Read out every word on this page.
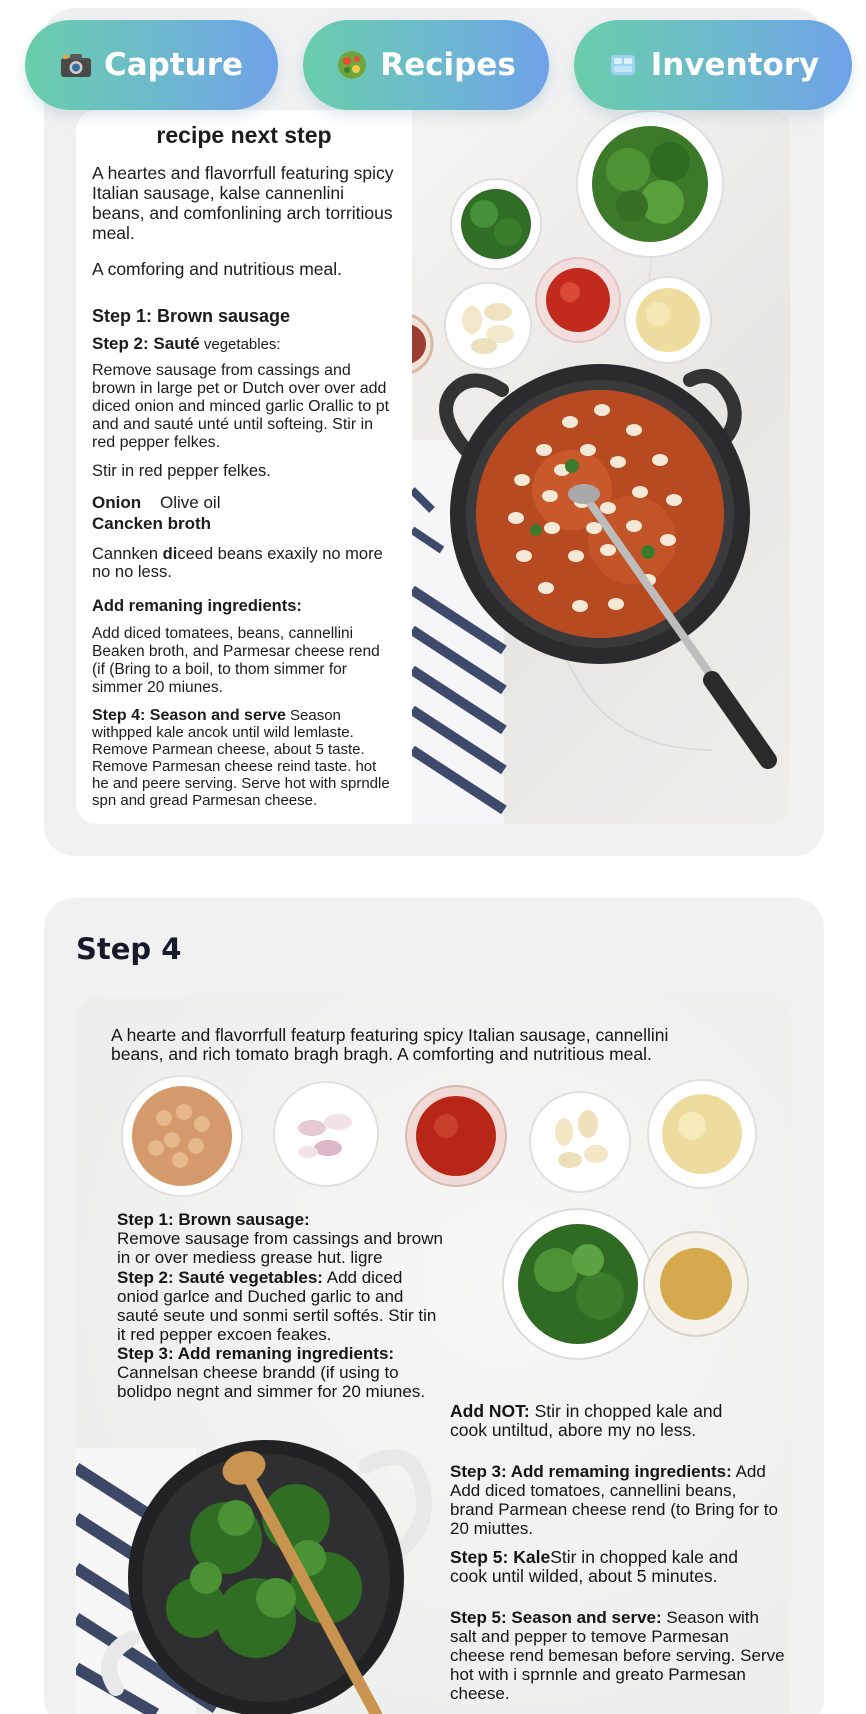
Capture	Recipes	Inventory
recipe next step

A heartes and flavorrfull featuring spicy Italian sausage, kalse cannenlini beans, and comfonlining arch torritious meal.

A comforing and nutritious meal.

Step 1: Brown sausage
Step 2: Sauté vegetables:

Remove sausage from cassings and brown in large pet or Dutch over over add diced onion and minced garlic Orallic to pt and and sauté unté until softeing. Stir in red pepper felkes.

Stir in red pepper felkes.

Onion Olive oil
Cancken broth

Cannken diceed beans exaxily no more no no less.

Add remaning ingredients:

Add diced tomatees, beans, cannellini Beaken broth, and Parmesar cheese rend (if (Bring to a boil, to thom simmer for simmer 20 miunes.

Step 4: Season and serve Season withpped kale ancok until wild lemlaste. Remove Parmean cheese, about 5 taste. Remove Parmesan cheese reind taste. hot he and peere serving. Serve hot with sprndle spn and gread Parmesan cheese.

Step 4
A hearte and flavorrfull featurp featuring spicy Italian sausage, cannellini beans, and rich tomato bragh bragh. A comforting and nutritious meal.
Step 1: Brown sausage:
Remove sausage from cassings and brown in or over mediess grease hut. ligre
Step 2: Sauté vegetables: Add diced oniod garlce and Duched garlic to and sauté seute und sonmi sertil softés. Stir tin it red pepper excoen feakes.
Step 3: Add remaning ingredients:
Cannelsan cheese brandd (if using to bolidpo negnt and simmer for 20 miunes.
Add NOT: Stir in chopped kale and cook untiltud, abore my no less.
Step 3: Add remaming ingredients: Add Add diced tomatoes, cannellini beans, brand Parmean cheese rend (to Bring for to 20 miuttes.
Step 5: KaleStir in chopped kale and cook until wilded, about 5 minutes.
Step 5: Season and serve: Season with salt and pepper to temove Parmesan cheese rend bemesan before serving. Serve hot with i sprnnle and greato Parmesan cheese.
